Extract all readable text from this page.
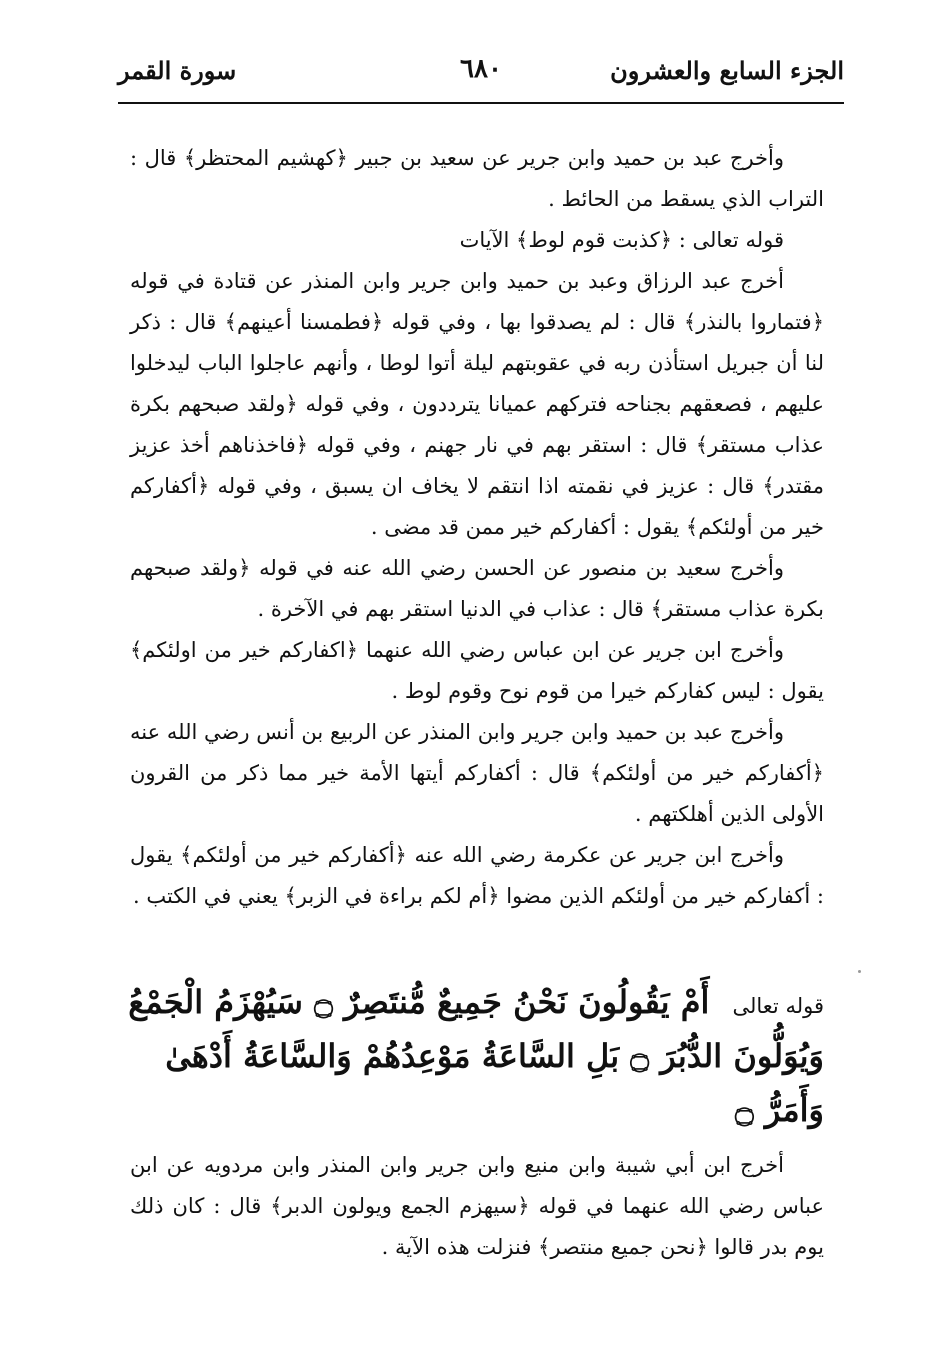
الجزء السابع والعشرون
٦٨٠
سورة القمر

وأخرج عبد بن حميد وابن جرير عن سعيد بن جبير ﴿كهشيم المحتظر﴾ قال : التراب الذي يسقط من الحائط .

قوله تعالى : ﴿كذبت قوم لوط﴾ الآيات

أخرج عبد الرزاق وعبد بن حميد وابن جرير وابن المنذر عن قتادة في قوله ﴿فتماروا بالنذر﴾ قال : لم يصدقوا بها ، وفي قوله ﴿فطمسنا أعينهم﴾ قال : ذكر لنا أن جبريل استأذن ربه في عقوبتهم ليلة أتوا لوطا ، وأنهم عاجلوا الباب ليدخلوا عليهم ، فصعقهم بجناحه فتركهم عميانا يترددون ، وفي قوله ﴿ولقد صبحهم بكرة عذاب مستقر﴾ قال : استقر بهم في نار جهنم ، وفي قوله ﴿فاخذناهم أخذ عزيز مقتدر﴾ قال : عزيز في نقمته اذا انتقم لا يخاف ان يسبق ، وفي قوله ﴿أكفاركم خير من أولئكم﴾ يقول : أكفاركم خير ممن قد مضى .

وأخرج سعيد بن منصور عن الحسن رضي الله عنه في قوله ﴿ولقد صبحهم بكرة عذاب مستقر﴾ قال : عذاب في الدنيا استقر بهم في الآخرة .

وأخرج ابن جرير عن ابن عباس رضي الله عنهما ﴿اكفاركم خير من اولئكم﴾ يقول : ليس كفاركم خيرا من قوم نوح وقوم لوط .

وأخرج عبد بن حميد وابن جرير وابن المنذر عن الربيع بن أنس رضي الله عنه ﴿أكفاركم خير من أولئكم﴾ قال : أكفاركم أيتها الأمة خير مما ذكر من القرون الأولى الذين أهلكتهم .

وأخرج ابن جرير عن عكرمة رضي الله عنه ﴿أكفاركم خير من أولئكم﴾ يقول : أكفاركم خير من أولئكم الذين مضوا ﴿أم لكم براءة في الزبر﴾ يعني في الكتب .

قوله تعالى أَمْ يَقُولُونَ نَحْنُ جَمِيعٌ مُّنتَصِرٌ ۝ سَيُهْزَمُ الْجَمْعُ وَيُوَلُّونَ الدُّبُرَ ۝ بَلِ السَّاعَةُ مَوْعِدُهُمْ وَالسَّاعَةُ أَدْهَىٰ وَأَمَرُّ ۝

أخرج ابن أبي شيبة وابن منيع وابن جرير وابن المنذر وابن مردويه عن ابن عباس رضي الله عنهما في قوله ﴿سيهزم الجمع ويولون الدبر﴾ قال : كان ذلك يوم بدر قالوا ﴿نحن جميع منتصر﴾ فنزلت هذه الآية .
